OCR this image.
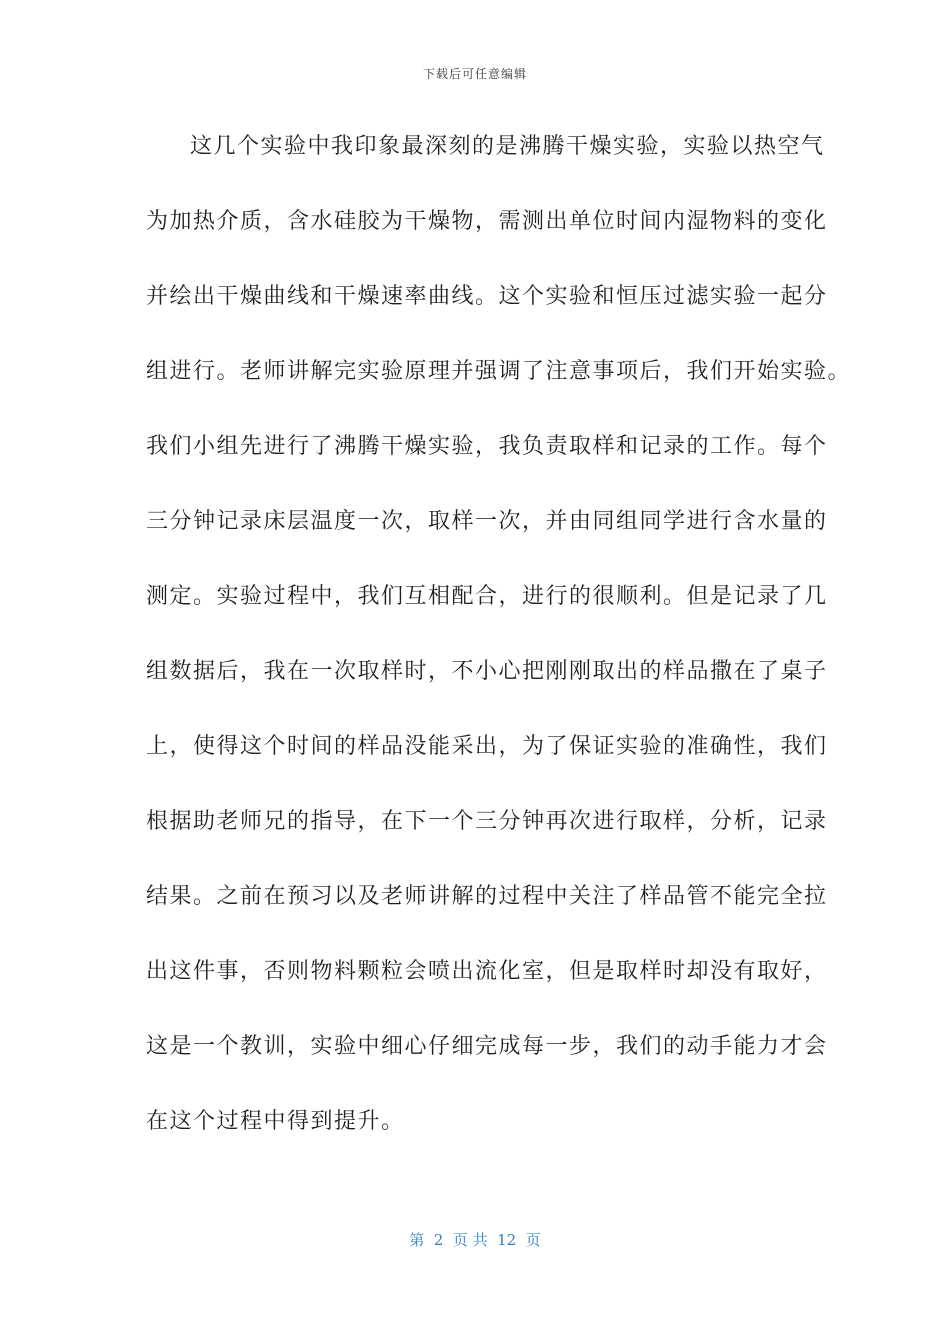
下载后可任意编辑
这几个实验中我印象最深刻的是沸腾干燥实验，实验以热空气
为加热介质，含水硅胶为干燥物，需测出单位时间内湿物料的变化
并绘出干燥曲线和干燥速率曲线。这个实验和恒压过滤实验一起分
组进行。老师讲解完实验原理并强调了注意事项后，我们开始实验。
我们小组先进行了沸腾干燥实验，我负责取样和记录的工作。每个
三分钟记录床层温度一次，取样一次，并由同组同学进行含水量的
测定。实验过程中，我们互相配合，进行的很顺利。但是记录了几
组数据后，我在一次取样时，不小心把刚刚取出的样品撒在了桌子
上，使得这个时间的样品没能采出，为了保证实验的准确性，我们
根据助老师兄的指导，在下一个三分钟再次进行取样，分析，记录
结果。之前在预习以及老师讲解的过程中关注了样品管不能完全拉
出这件事，否则物料颗粒会喷出流化室，但是取样时却没有取好，
这是一个教训，实验中细心仔细完成每一步，我们的动手能力才会
在这个过程中得到提升。
第  2  页 共  12  页
